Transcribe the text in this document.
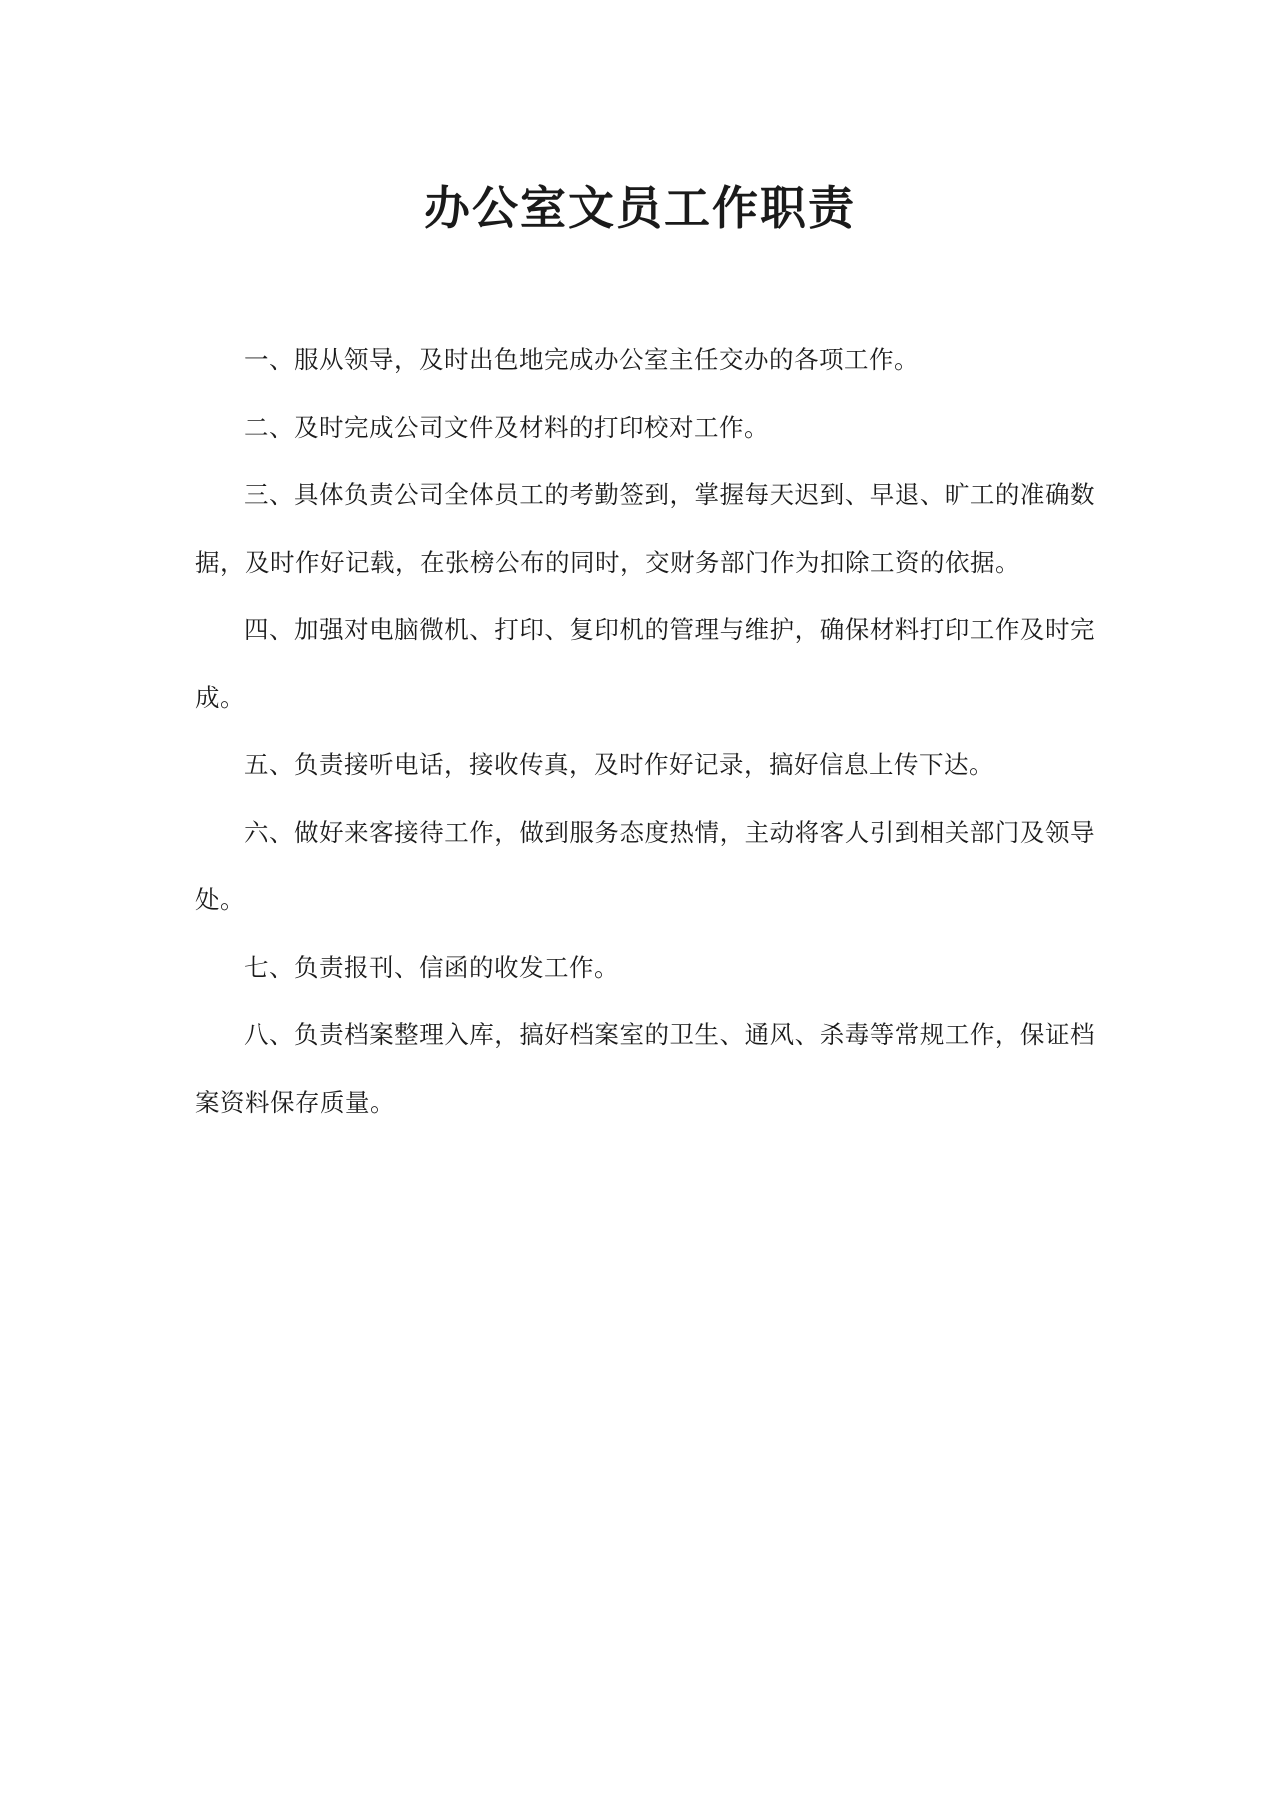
办公室文员工作职责

一、服从领导，及时出色地完成办公室主任交办的各项工作。

二、及时完成公司文件及材料的打印校对工作。

三、具体负责公司全体员工的考勤签到，掌握每天迟到、早退、旷工的准确数据，及时作好记载，在张榜公布的同时，交财务部门作为扣除工资的依据。

四、加强对电脑微机、打印、复印机的管理与维护，确保材料打印工作及时完成。

五、负责接听电话，接收传真，及时作好记录，搞好信息上传下达。

六、做好来客接待工作，做到服务态度热情，主动将客人引到相关部门及领导处。

七、负责报刊、信函的收发工作。

八、负责档案整理入库，搞好档案室的卫生、通风、杀毒等常规工作，保证档案资料保存质量。
